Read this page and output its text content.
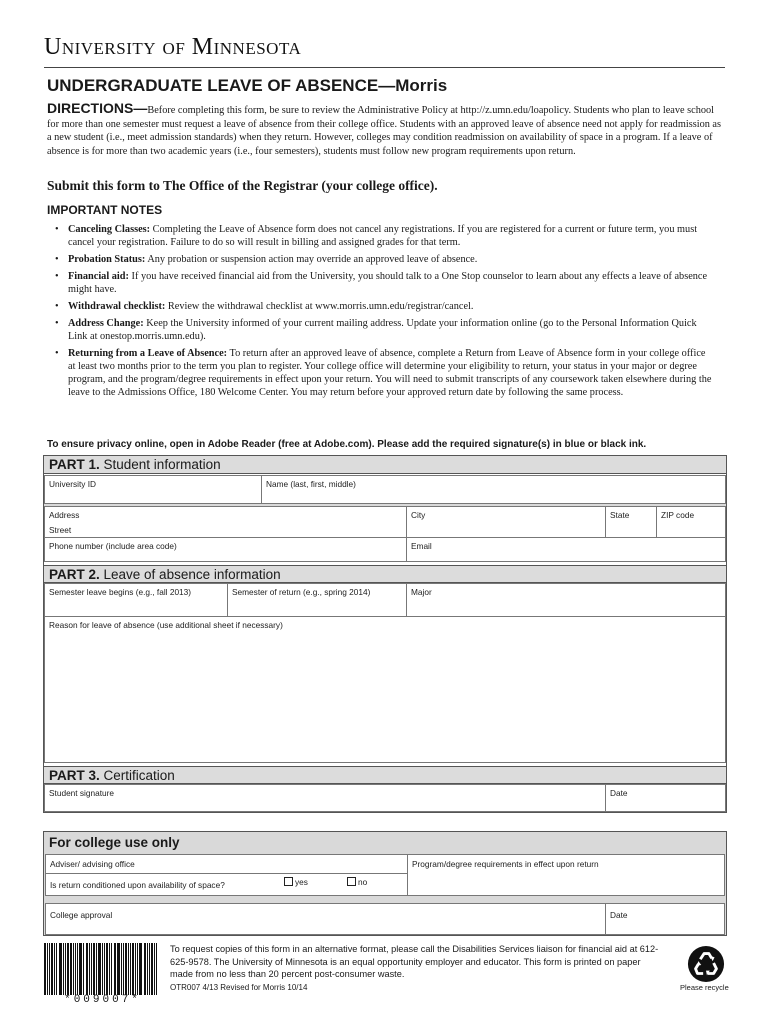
University of Minnesota
UNDERGRADUATE LEAVE OF ABSENCE—Morris
DIRECTIONS—Before completing this form, be sure to review the Administrative Policy at http://z.umn.edu/loapolicy. Students who plan to leave school for more than one semester must request a leave of absence from their college office. Students with an approved leave of absence need not apply for readmission as a new student (i.e., meet admission standards) when they return. However, colleges may condition readmission on availability of space in a program. If a leave of absence is for more than two academic years (i.e., four semesters), students must follow new program requirements upon return.
Submit this form to The Office of the Registrar (your college office).
IMPORTANT NOTES
• Canceling Classes: Completing the Leave of Absence form does not cancel any registrations. If you are registered for a current or future term, you must cancel your registration. Failure to do so will result in billing and assigned grades for that term.
• Probation Status: Any probation or suspension action may override an approved leave of absence.
• Financial aid: If you have received financial aid from the University, you should talk to a One Stop counselor to learn about any effects a leave of absence might have.
• Withdrawal checklist: Review the withdrawal checklist at www.morris.umn.edu/registrar/cancel.
• Address Change: Keep the University informed of your current mailing address. Update your information online (go to the Personal Information Quick Link at onestop.morris.umn.edu).
• Returning from a Leave of Absence: To return after an approved leave of absence, complete a Return from Leave of Absence form in your college office at least two months prior to the term you plan to register. Your college office will determine your eligibility to return, your status in your major or degree program, and the program/degree requirements in effect upon your return. You will need to submit transcripts of any coursework taken elsewhere during the leave to the Admissions Office, 180 Welcome Center. You may return before your approved return date by following the same process.
To ensure privacy online, open in Adobe Reader (free at Adobe.com). Please add the required signature(s) in blue or black ink.
PART 1. Student information
University ID	Name (last, first, middle)
Address
Street
City	State	ZIP code
Phone number (include area code)	Email
PART 2. Leave of absence information
Semester leave begins (e.g., fall 2013)	Semester of return (e.g., spring 2014)	Major
Reason for leave of absence (use additional sheet if necessary)
PART 3. Certification
Student signature	Date
For college use only
Adviser/ advising office
Is return conditioned upon availability of space?	yes	no
Program/degree requirements in effect upon return
College approval	Date
*009007*
To request copies of this form in an alternative format, please call the Disabilities Services liaison for financial aid at 612-625-9578. The University of Minnesota is an equal opportunity employer and educator. This form is printed on paper made from no less than 20 percent post-consumer waste.
OTR007 4/13 Revised for Morris 10/14	Please recycle
